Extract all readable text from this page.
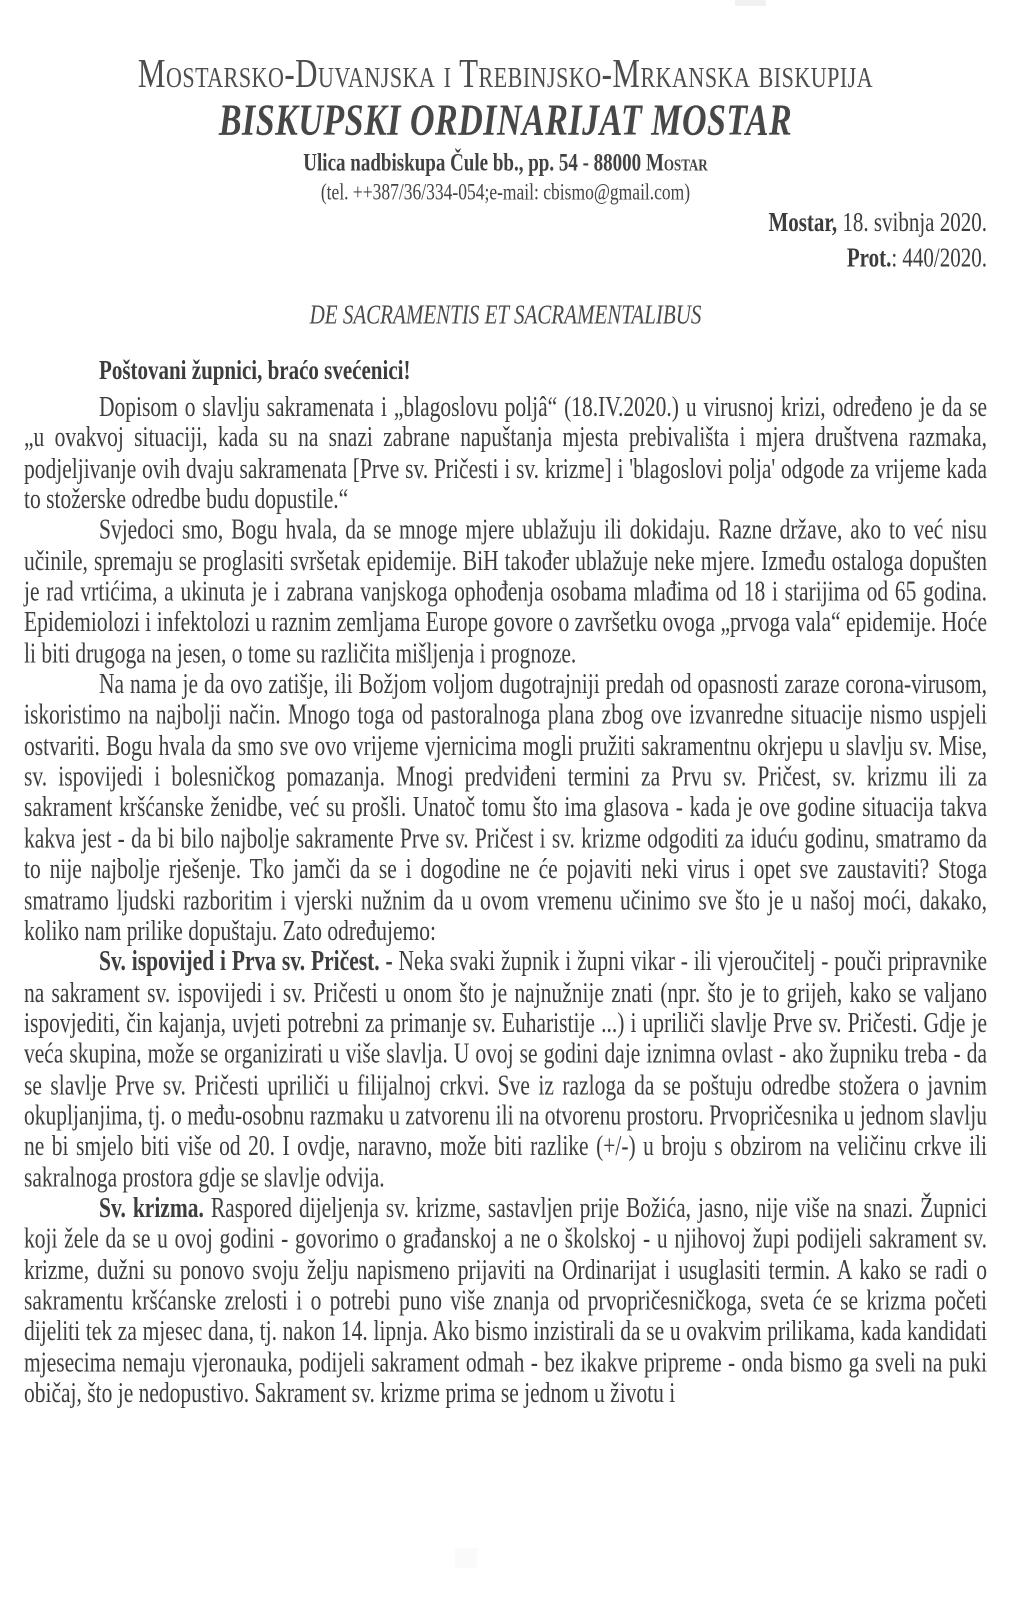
Mostarsko-Duvanjska i Trebinjsko-Mrkanska biskupija
BISKUPSKI ORDINARIJAT MOSTAR
Ulica nadbiskupa Čule bb., pp. 54 - 88000 Mostar
(tel. ++387/36/334-054;e-mail: cbismo@gmail.com)
Mostar, 18. svibnja 2020.
Prot.: 440/2020.
DE SACRAMENTIS ET SACRAMENTALIBUS
Poštovani župnici, braćo svećenici!

Dopisom o slavlju sakramenata i „blagoslovu poljâ“ (18.IV.2020.) u virusnoj krizi, određeno je da se „u ovakvoj situaciji, kada su na snazi zabrane napuštanja mjesta prebivališta i mjera društvena razmaka, podjeljivanje ovih dvaju sakramenata [Prve sv. Pričesti i sv. krizme] i 'blagoslovi polja' odgode za vrijeme kada to stožerske odredbe budu dopustile.“

Svjedoci smo, Bogu hvala, da se mnoge mjere ublažuju ili dokidaju. Razne države, ako to već nisu učinile, spremaju se proglasiti svršetak epidemije. BiH također ublažuje neke mjere. Između ostaloga dopušten je rad vrtićima, a ukinuta je i zabrana vanjskoga ophođenja osobama mlađima od 18 i starijima od 65 godina. Epidemiolozi i infektolozi u raznim zemljama Europe govore o završetku ovoga „prvoga vala“ epidemije. Hoće li biti drugoga na jesen, o tome su različita mišljenja i prognoze.

Na nama je da ovo zatišje, ili Božjom voljom dugotrajniji predah od opasnosti zaraze corona-virusom, iskoristimo na najbolji način. Mnogo toga od pastoralnoga plana zbog ove izvanredne situacije nismo uspjeli ostvariti. Bogu hvala da smo sve ovo vrijeme vjernicima mogli pružiti sakramentnu okrjepu u slavlju sv. Mise, sv. ispovijedi i bolesničkog pomazanja. Mnogi predviđeni termini za Prvu sv. Pričest, sv. krizmu ili za sakrament kršćanske ženidbe, već su prošli. Unatoč tomu što ima glasova - kada je ove godine situacija takva kakva jest - da bi bilo najbolje sakramente Prve sv. Pričest i sv. krizme odgoditi za iduću godinu, smatramo da to nije najbolje rješenje. Tko jamči da se i dogodine ne će pojaviti neki virus i opet sve zaustaviti? Stoga smatramo ljudski razboritim i vjerski nužnim da u ovom vremenu učinimo sve što je u našoj moći, dakako, koliko nam prilike dopuštaju. Zato određujemo:

Sv. ispovijed i Prva sv. Pričest. - Neka svaki župnik i župni vikar - ili vjeroučitelj - pouči pripravnike na sakrament sv. ispovijedi i sv. Pričesti u onom što je najnužnije znati (npr. što je to grijeh, kako se valjano ispovjediti, čin kajanja, uvjeti potrebni za primanje sv. Euharistije ...) i upriliči slavlje Prve sv. Pričesti. Gdje je veća skupina, može se organizirati u više slavlja. U ovoj se godini daje iznimna ovlast - ako župniku treba - da se slavlje Prve sv. Pričesti upriliči u filijalnoj crkvi. Sve iz razloga da se poštuju odredbe stožera o javnim okupljanjima, tj. o među-osobnu razmaku u zatvorenu ili na otvorenu prostoru. Prvopričesnika u jednom slavlju ne bi smjelo biti više od 20. I ovdje, naravno, može biti razlike (+/-) u broju s obzirom na veličinu crkve ili sakralnoga prostora gdje se slavlje odvija.

Sv. krizma. Raspored dijeljenja sv. krizme, sastavljen prije Božića, jasno, nije više na snazi. Župnici koji žele da se u ovoj godini - govorimo o građanskoj a ne o školskoj - u njihovoj župi podijeli sakrament sv. krizme, dužni su ponovo svoju želju napismeno prijaviti na Ordinarijat i usuglasiti termin. A kako se radi o sakramentu kršćanske zrelosti i o potrebi puno više znanja od prvopričesničkoga, sveta će se krizma početi dijeliti tek za mjesec dana, tj. nakon 14. lipnja. Ako bismo inzistirali da se u ovakvim prilikama, kada kandidati mjesecima nemaju vjeronauka, podijeli sakrament odmah - bez ikakve pripreme - onda bismo ga sveli na puki običaj, što je nedopustivo. Sakrament sv. krizme prima se jednom u životu i
